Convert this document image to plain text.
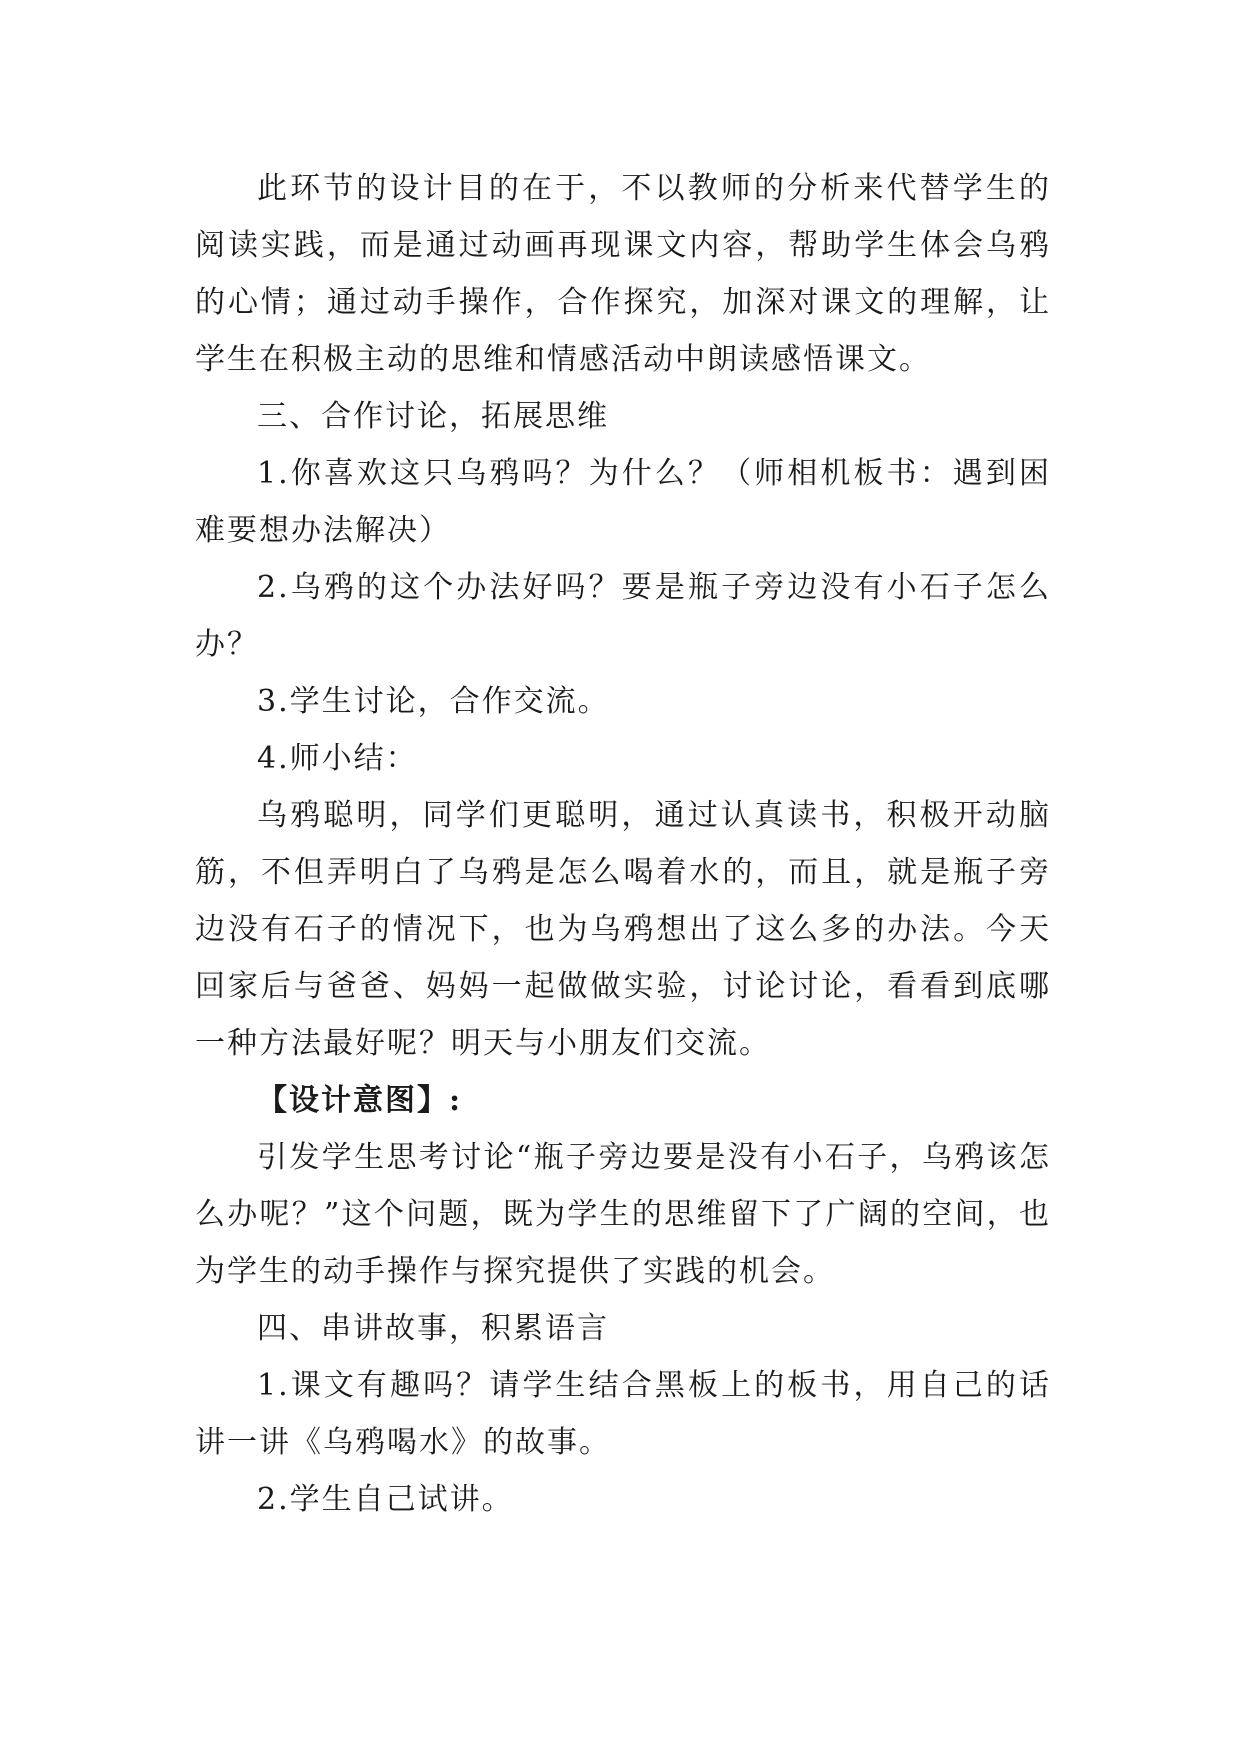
此环节的设计目的在于，不以教师的分析来代替学生的阅读实践，而是通过动画再现课文内容，帮助学生体会乌鸦的心情；通过动手操作，合作探究，加深对课文的理解，让学生在积极主动的思维和情感活动中朗读感悟课文。

三、合作讨论，拓展思维

1.你喜欢这只乌鸦吗？为什么？（师相机板书：遇到困难要想办法解决）

2.乌鸦的这个办法好吗？要是瓶子旁边没有小石子怎么办？

3.学生讨论，合作交流。

4.师小结：

乌鸦聪明，同学们更聪明，通过认真读书，积极开动脑筋，不但弄明白了乌鸦是怎么喝着水的，而且，就是瓶子旁边没有石子的情况下，也为乌鸦想出了这么多的办法。今天回家后与爸爸、妈妈一起做做实验，讨论讨论，看看到底哪一种方法最好呢？明天与小朋友们交流。

【设计意图】:

引发学生思考讨论“瓶子旁边要是没有小石子，乌鸦该怎么办呢？”这个问题，既为学生的思维留下了广阔的空间，也为学生的动手操作与探究提供了实践的机会。

四、串讲故事，积累语言

1.课文有趣吗？请学生结合黑板上的板书，用自己的话讲一讲《乌鸦喝水》的故事。

2.学生自己试讲。
